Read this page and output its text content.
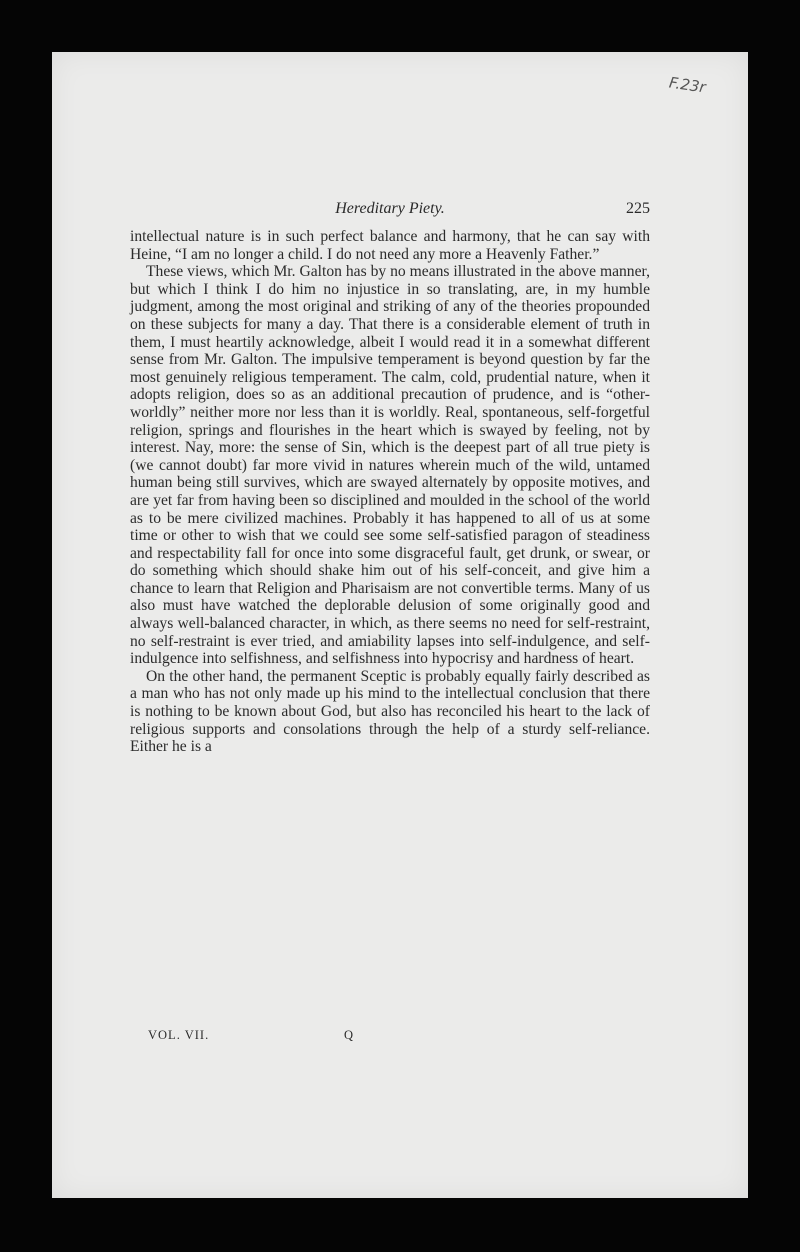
F.23r
Hereditary Piety.	225

intellectual nature is in such perfect balance and harmony, that he can say with Heine, “I am no longer a child. I do not need any more a Heavenly Father.”

These views, which Mr. Galton has by no means illustrated in the above manner, but which I think I do him no injustice in so translating, are, in my humble judgment, among the most original and striking of any of the theories propounded on these subjects for many a day. That there is a considerable element of truth in them, I must heartily acknowledge, albeit I would read it in a somewhat different sense from Mr. Galton. The impulsive temperament is beyond question by far the most genuinely religious temperament. The calm, cold, prudential nature, when it adopts religion, does so as an additional precaution of prudence, and is “other-worldly” neither more nor less than it is worldly. Real, spontaneous, self-forgetful religion, springs and flourishes in the heart which is swayed by feeling, not by interest. Nay, more: the sense of Sin, which is the deepest part of all true piety is (we cannot doubt) far more vivid in natures wherein much of the wild, untamed human being still survives, which are swayed alternately by opposite motives, and are yet far from having been so disciplined and moulded in the school of the world as to be mere civilized machines. Probably it has happened to all of us at some time or other to wish that we could see some self-satisfied paragon of steadiness and respectability fall for once into some disgraceful fault, get drunk, or swear, or do something which should shake him out of his self-conceit, and give him a chance to learn that Religion and Pharisaism are not convertible terms. Many of us also must have watched the deplorable delusion of some originally good and always well-balanced character, in which, as there seems no need for self-restraint, no self-restraint is ever tried, and amiability lapses into self-indulgence, and self-indulgence into selfishness, and selfishness into hypocrisy and hardness of heart.

On the other hand, the permanent Sceptic is probably equally fairly described as a man who has not only made up his mind to the intellectual conclusion that there is nothing to be known about God, but also has reconciled his heart to the lack of religious supports and consolations through the help of a sturdy self-reliance. Either he is a

VOL. VII.	Q
